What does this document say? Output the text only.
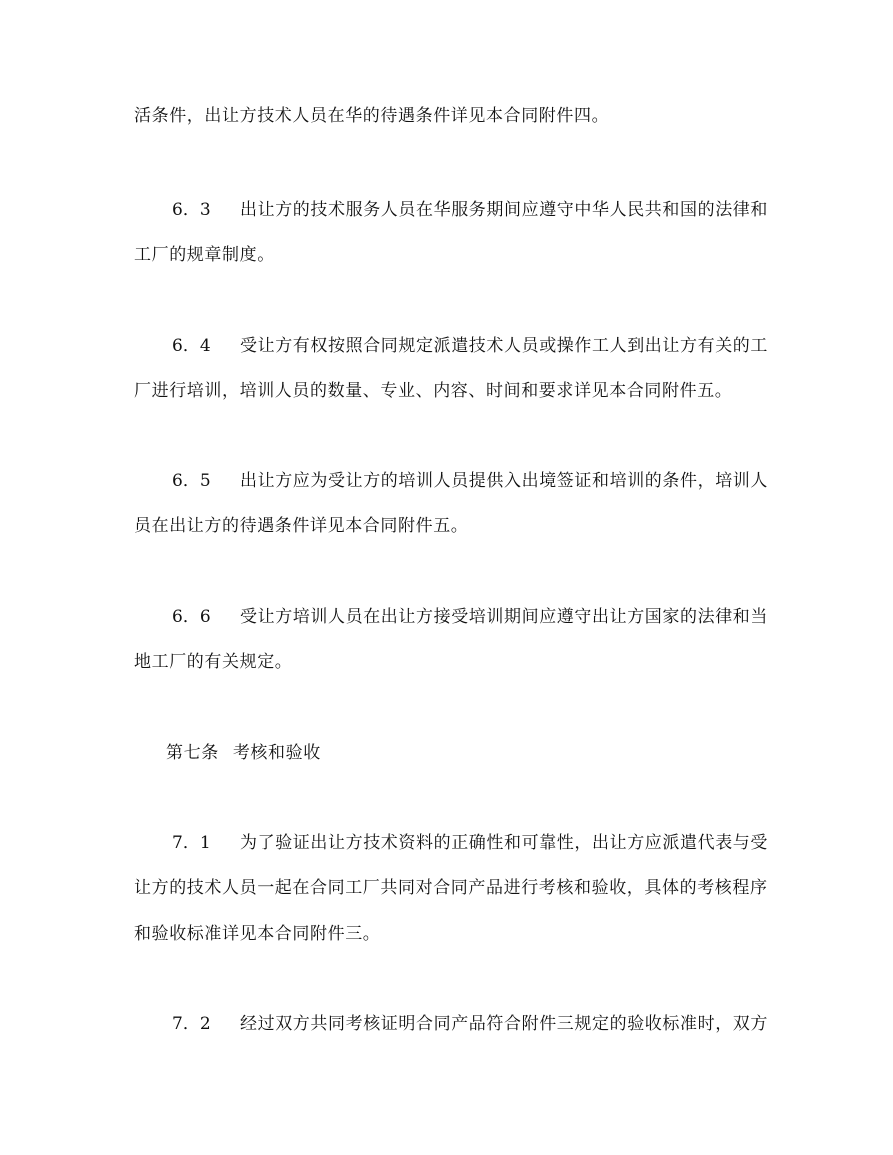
活条件，出让方技术人员在华的待遇条件详见本合同附件四。
6．3 出让方的技术服务人员在华服务期间应遵守中华人民共和国的法律和
工厂的规章制度。
6．4 受让方有权按照合同规定派遣技术人员或操作工人到出让方有关的工
厂进行培训，培训人员的数量、专业、内容、时间和要求详见本合同附件五。
6．5 出让方应为受让方的培训人员提供入出境签证和培训的条件，培训人
员在出让方的待遇条件详见本合同附件五。
6．6 受让方培训人员在出让方接受培训期间应遵守出让方国家的法律和当
地工厂的有关规定。
第七条 考核和验收
7．1 为了验证出让方技术资料的正确性和可靠性，出让方应派遣代表与受
让方的技术人员一起在合同工厂共同对合同产品进行考核和验收，具体的考核程序
和验收标准详见本合同附件三。
7．2 经过双方共同考核证明合同产品符合附件三规定的验收标准时，双方
